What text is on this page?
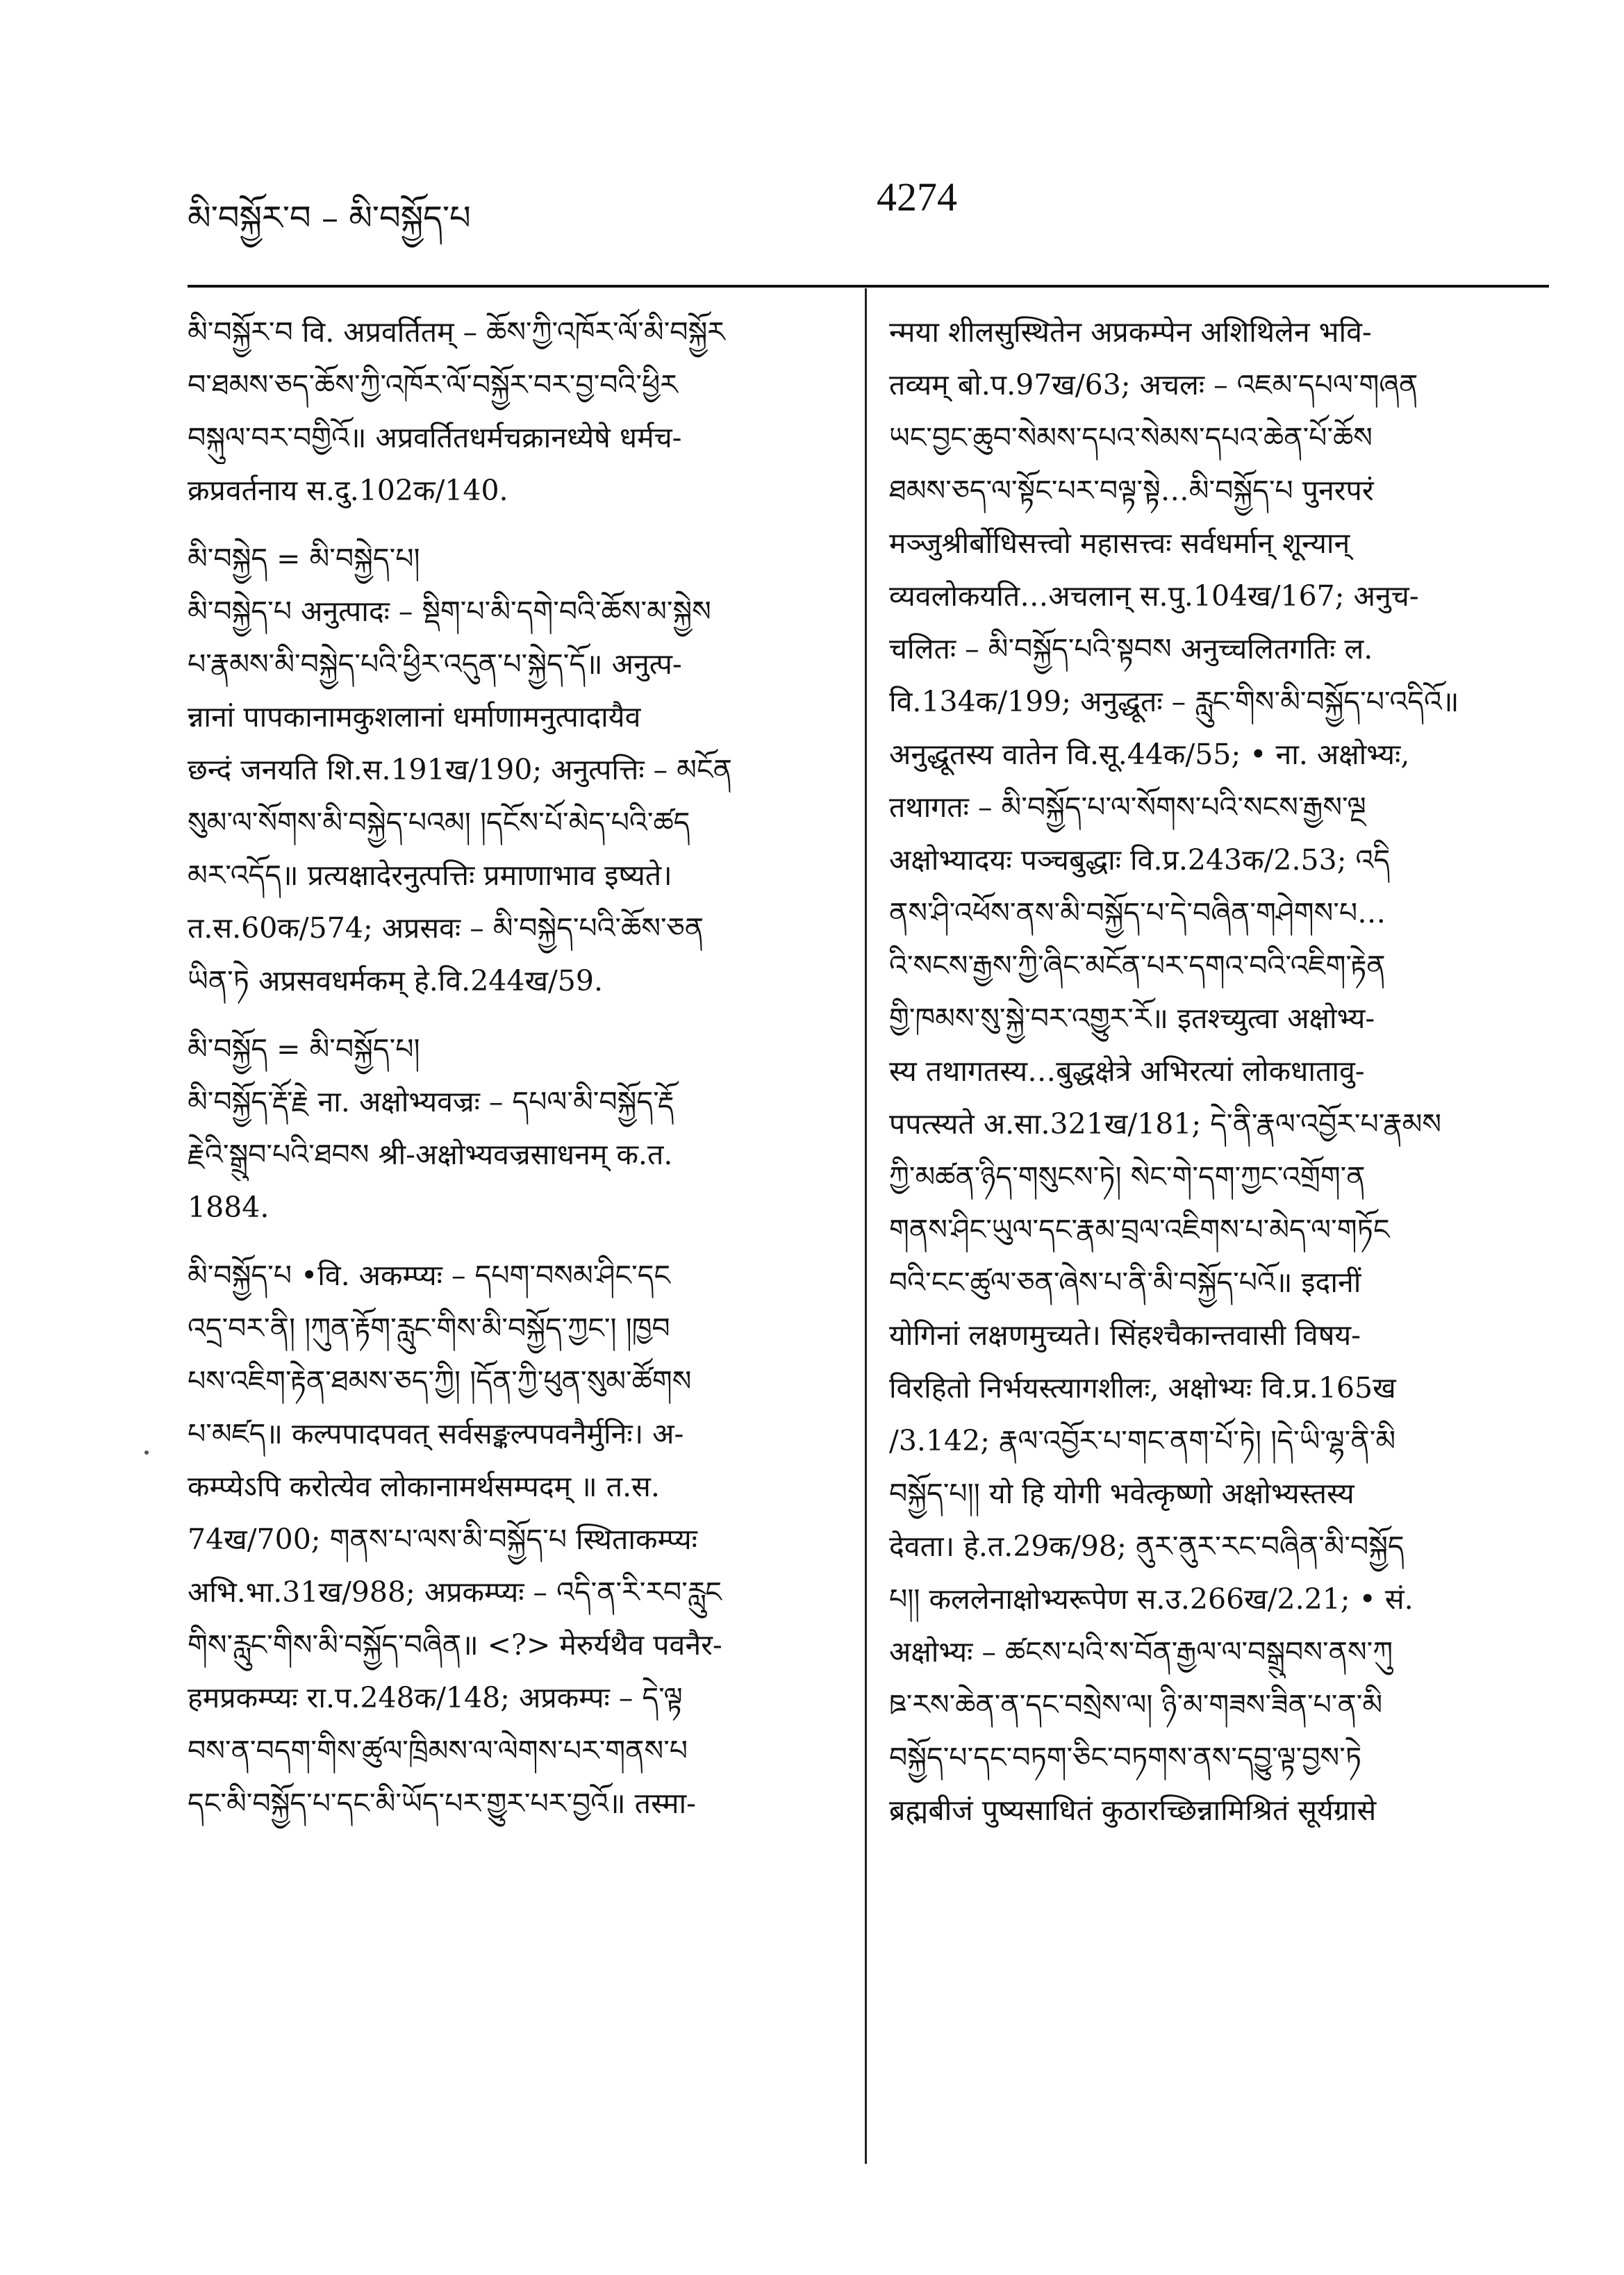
མི་བསྐྱོར་བ – མི་བསྐྱོད་པ	4274
མི་བསྐྱོར་བ वि. अप्रवर्तितम् – ཆོས་ཀྱི་འཁོར་ལོ་མི་བསྐྱོར
བ་ཐམས་ཅད་ཆོས་ཀྱི་འཁོར་ལོ་བསྐྱོར་བར་བྱ་བའི་ཕྱིར
བསྐུལ་བར་བགྱིའོ॥ अप्रवर्तितधर्मचक्रानध्येषे धर्मच-
क्रप्रवर्तनाय स.दु.102क/140.
མི་བསྐྱེད = མི་བསྐྱེད་པ།
མི་བསྐྱེད་པ अनुत्पादः – སྡིག་པ་མི་དགེ་བའི་ཆོས་མ་སྐྱེས
པ་རྣམས་མི་བསྐྱེད་པའི་ཕྱིར་འདུན་པ་སྐྱེད་དོ॥ अनुत्प-
न्नानां पापकानामकुशलानां धर्माणामनुत्पादायैव
छन्दं जनयति शि.स.191ख/190; अनुत्पत्तिः – མངོན
སུམ་ལ་སོགས་མི་བསྐྱེད་པའམ། །དངོས་པོ་མེད་པའི་ཚད
མར་འདོད॥ प्रत्यक्षादेरनुत्पत्तिः प्रमाणाभाव इष्यते।
त.स.60क/574; अप्रसवः – མི་བསྐྱེད་པའི་ཆོས་ཅན
ཡིན་ཏེ अप्रसवधर्मकम् हे.वि.244ख/59.
མི་བསྐྱོད = མི་བསྐྱོད་པ།
མི་བསྐྱོད་རྡོ་རྗེ ना. अक्षोभ्यवज्रः – དཔལ་མི་བསྐྱོད་རྡོ
རྗེའི་སྒྲུབ་པའི་ཐབས श्री-अक्षोभ्यवज्रसाधनम् क.त.
1884.
མི་བསྐྱོད་པ •वि. अकम्प्यः – དཔག་བསམ་ཤིང་དང
འདྲ་བར་ནི། །ཀུན་རྟོག་རླུང་གིས་མི་བསྐྱོད་ཀྱང་། །ཁྱབ
པས་འཇིག་རྟེན་ཐམས་ཅད་ཀྱི། །དོན་ཀྱི་ཕུན་སུམ་ཚོགས
པ་མཛད॥ कल्पपादपवत् सर्वसङ्कल्पपवनैर्मुनिः। अ-
कम्प्येऽपि करोत्येव लोकानामर्थसम्पदम् ॥ त.स.
74ख/700; གནས་པ་ལས་མི་བསྐྱོད་པ स्थिताकम्प्यः
अभि.भा.31ख/988; अप्रकम्प्यः – འདི་ན་རི་རབ་རླུང
གིས་རླུང་གིས་མི་བསྐྱོད་བཞིན॥ <?> मेरुर्यथैव पवनैर-
हमप्रकम्प्यः रा.प.248क/148; अप्रकम्पः – དེ་ལྟ
བས་ན་བདག་གིས་ཚུལ་ཁྲིམས་ལ་ལེགས་པར་གནས་པ
དང་མི་བསྐྱོད་པ་དང་མི་ཡོད་པར་གྱུར་པར་བྱའོ॥ तस्मा-
न्मया शीलसुस्थितेन अप्रकम्पेन अशिथिलेन भवि-
तव्यम् बो.प.97ख/63; अचलः – འཇམ་དཔལ་གཞན
ཡང་བྱང་ཆུབ་སེམས་དཔའ་སེམས་དཔའ་ཆེན་པོ་ཆོས
ཐམས་ཅད་ལ་སྟོང་པར་བལྟ་སྟེ…མི་བསྐྱོད་པ पुनरपरं
मञ्जुश्रीर्बोधिसत्त्वो महासत्त्वः सर्वधर्मान् शून्यान्
व्यवलोकयति…अचलान् स.पु.104ख/167; अनुच-
चलितः – མི་བསྐྱོད་པའི་སྟབས अनुच्चलितगतिः ल.
वि.134क/199; अनुद्धूतः – རླུང་གིས་མི་བསྐྱོད་པ་འདིའོ॥
अनुद्धूतस्य वातेन वि.सू.44क/55; • ना. अक्षोभ्यः,
तथागतः – མི་བསྐྱོད་པ་ལ་སོགས་པའི་སངས་རྒྱས་ལྔ
अक्षोभ्यादयः पञ्चबुद्धाः वि.प्र.243क/2.53; འདི
ནས་ཤི་འཕོས་ནས་མི་བསྐྱོད་པ་དེ་བཞིན་གཤེགས་པ…
འི་སངས་རྒྱས་ཀྱི་ཞིང་མངོན་པར་དགའ་བའི་འཇིག་རྟེན
གྱི་ཁམས་སུ་སྐྱེ་བར་འགྱུར་རོ॥ इतश्च्युत्वा अक्षोभ्य-
स्य तथागतस्य…बुद्धक्षेत्रे अभिरत्यां लोकधातावु-
पपत्स्यते अ.सा.321ख/181; དེ་ནི་རྣལ་འབྱོར་པ་རྣམས
ཀྱི་མཚན་ཉིད་གསུངས་ཏེ། སེང་གེ་དག་ཀྱང་འགྲོག་ན
གནས་ཤིང་ཡུལ་དང་རྣམ་བྲལ་འཇིགས་པ་མེད་ལ་གཏོང
བའི་ངང་ཚུལ་ཅན་ཞེས་པ་ནི་མི་བསྐྱོད་པའོ॥ इदानीं
योगिनां लक्षणमुच्यते। सिंहश्चैकान्तवासी विषय-
विरहितो निर्भयस्त्यागशीलः, अक्षोभ्यः वि.प्र.165ख
/3.142; རྣལ་འབྱོར་པ་གང་ནག་པོ་ཏེ། །དེ་ཡི་ལྷ་ནི་མི
བསྐྱོད་པ།། यो हि योगी भवेत्कृष्णो अक्षोभ्यस्तस्य
देवता। हे.त.29क/98; ནུར་ནུར་རང་བཞིན་མི་བསྐྱོད
པ།། कललेनाक्षोभ्यरूपेण स.उ.266ख/2.21; • सं.
अक्षोभ्यः – ཚངས་པའི་ས་བོན་རྒྱལ་ལ་བསྒྲུབས་ནས་ཀུ
ཋ་རས་ཆེན་ན་དང་བསྲེས་ལ། ཉི་མ་གཟས་ཟིན་པ་ན་མི
བསྐྱོད་པ་དང་བཏག་ཅིང་བཏགས་ནས་དབྱུ་ལྟ་བྱས་ཏེ
ब्रह्मबीजं पुष्यसाधितं कुठारच्छिन्नामिश्रितं सूर्यग्रासे
